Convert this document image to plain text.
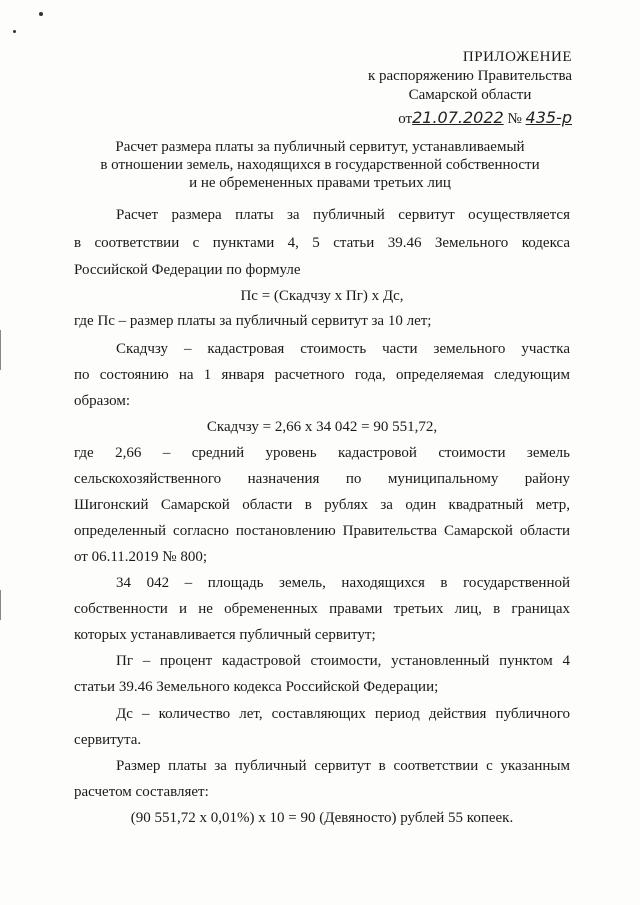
ПРИЛОЖЕНИЕ
к распоряжению Правительства
Самарской области
от21.07.2022 № 435-р
Расчет размера платы за публичный сервитут, устанавливаемый
в отношении земель, находящихся в государственной собственности
и не обремененных правами третьих лиц
Расчет размера платы за публичный сервитут осуществляется
в соответствии с пунктами 4, 5 статьи 39.46 Земельного кодекса
Российской Федерации по формуле
Пс = (Скадчзу х Пг) х Дс,
где Пс – размер платы за публичный сервитут за 10 лет;
Скадчзу – кадастровая стоимость части земельного участка
по состоянию на 1 января расчетного года, определяемая следующим
образом:
Скадчзу = 2,66 х 34 042 = 90 551,72,
где 2,66 – средний уровень кадастровой стоимости земель
сельскохозяйственного назначения по муниципальному району
Шигонский Самарской области в рублях за один квадратный метр,
определенный согласно постановлению Правительства Самарской области
от 06.11.2019 № 800;
34 042 – площадь земель, находящихся в государственной
собственности и не обремененных правами третьих лиц, в границах
которых устанавливается публичный сервитут;
Пг – процент кадастровой стоимости, установленный пунктом 4
статьи 39.46 Земельного кодекса Российской Федерации;
Дс – количество лет, составляющих период действия публичного
сервитута.
Размер платы за публичный сервитут в соответствии с указанным
расчетом составляет:
(90 551,72 х 0,01%) х 10 = 90 (Девяносто) рублей 55 копеек.
